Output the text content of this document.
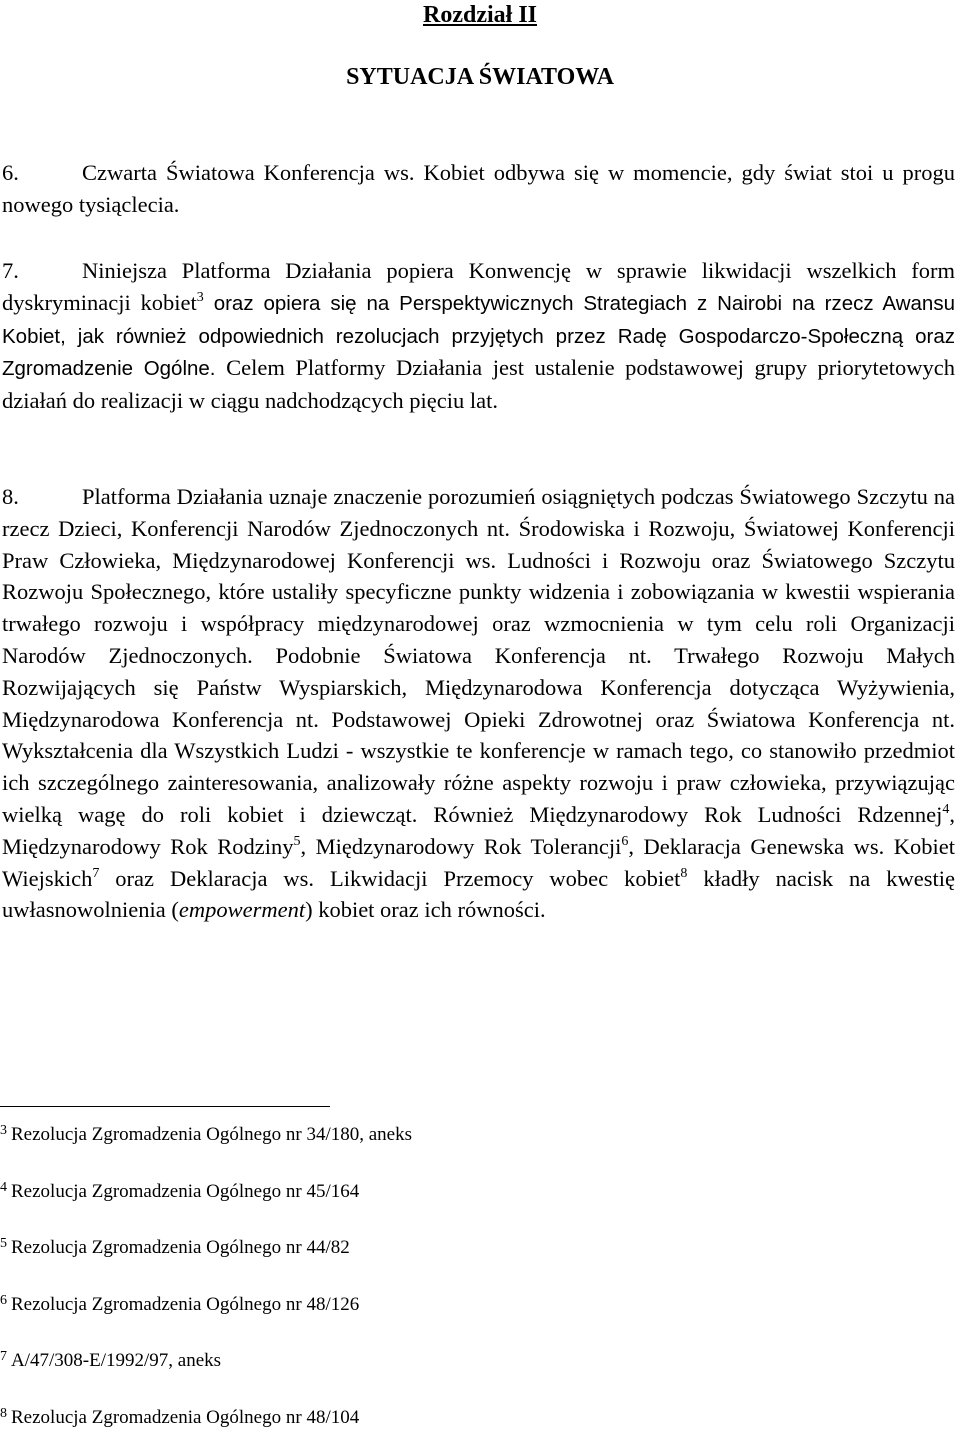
Rozdział II
SYTUACJA ŚWIATOWA

6.	Czwarta Światowa Konferencja ws. Kobiet odbywa się w momencie, gdy świat stoi u progu nowego tysiąclecia.

7.	Niniejsza Platforma Działania popiera Konwencję w sprawie likwidacji wszelkich form dyskryminacji kobiet$^3$ oraz opiera się na Perspektywicznych Strategiach z Nairobi na rzecz Awansu Kobiet, jak również odpowiednich rezolucjach przyjętych przez Radę Gospodarczo-Społeczną oraz Zgromadzenie Ogólne. Celem Platformy Działania jest ustalenie podstawowej grupy priorytetowych działań do realizacji w ciągu nadchodzących pięciu lat.

8.	Platforma Działania uznaje znaczenie porozumień osiągniętych podczas Światowego Szczytu na rzecz Dzieci, Konferencji Narodów Zjednoczonych nt. Środowiska i Rozwoju, Światowej Konferencji Praw Człowieka, Międzynarodowej Konferencji ws. Ludności i Rozwoju oraz Światowego Szczytu Rozwoju Społecznego, które ustaliły specyficzne punkty widzenia i zobowiązania w kwestii wspierania trwałego rozwoju i współpracy międzynarodowej oraz wzmocnienia w tym celu roli Organizacji Narodów Zjednoczonych. Podobnie Światowa Konferencja nt. Trwałego Rozwoju Małych Rozwijających się Państw Wyspiarskich, Międzynarodowa Konferencja dotycząca Wyżywienia, Międzynarodowa Konferencja nt. Podstawowej Opieki Zdrowotnej oraz Światowa Konferencja nt. Wykształcenia dla Wszystkich Ludzi - wszystkie te konferencje w ramach tego, co stanowiło przedmiot ich szczególnego zainteresowania, analizowały różne aspekty rozwoju i praw człowieka, przywiązując wielką wagę do roli kobiet i dziewcząt. Również Międzynarodowy Rok Ludności Rdzennej$^4$, Międzynarodowy Rok Rodziny$^5$, Międzynarodowy Rok Tolerancji$^6$, Deklaracja Genewska ws. Kobiet Wiejskich$^7$ oraz Deklaracja ws. Likwidacji Przemocy wobec kobiet$^8$ kładły nacisk na kwestię uwłasnowolnienia (empowerment) kobiet oraz ich równości.

$^3$ Rezolucja Zgromadzenia Ogólnego nr 34/180, aneks
$^4$ Rezolucja Zgromadzenia Ogólnego nr 45/164
$^5$ Rezolucja Zgromadzenia Ogólnego nr 44/82
$^6$ Rezolucja Zgromadzenia Ogólnego nr 48/126
$^7$ A/47/308-E/1992/97, aneks
$^8$ Rezolucja Zgromadzenia Ogólnego nr 48/104
